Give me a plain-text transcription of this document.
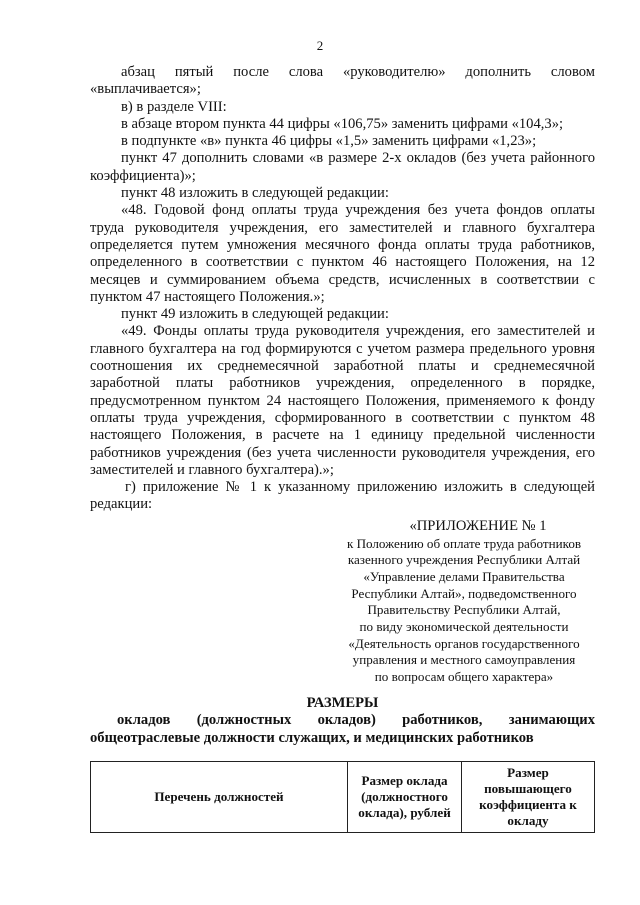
2

абзац пятый после слова «руководителю» дополнить словом «выплачивается»;

в) в разделе VIII:

в абзаце втором пункта 44 цифры «106,75» заменить цифрами «104,3»;

в подпункте «в» пункта 46 цифры «1,5» заменить цифрами «1,23»;

пункт 47 дополнить словами «в размере 2-х окладов (без учета районного коэффициента)»;

пункт 48 изложить в следующей редакции:

«48. Годовой фонд оплаты труда учреждения без учета фондов оплаты труда руководителя учреждения, его заместителей и главного бухгалтера определяется путем умножения месячного фонда оплаты труда работников, определенного в соответствии с пунктом 46 настоящего Положения, на 12 месяцев и суммированием объема средств, исчисленных в соответствии с пунктом 47 настоящего Положения.»;

пункт 49 изложить в следующей редакции:

«49. Фонды оплаты труда руководителя учреждения, его заместителей и главного бухгалтера на год формируются с учетом размера предельного уровня соотношения их среднемесячной заработной платы и среднемесячной заработной платы работников учреждения, определенного в порядке, предусмотренном пунктом 24 настоящего Положения, применяемого к фонду оплаты труда учреждения, сформированного в соответствии с пунктом 48 настоящего Положения, в расчете на 1 единицу предельной численности работников учреждения (без учета численности руководителя учреждения, его заместителей и главного бухгалтера).»;

г) приложение № 1 к указанному приложению изложить в следующей редакции:

«ПРИЛОЖЕНИЕ № 1
к Положению об оплате труда работников
казенного учреждения Республики Алтай
«Управление делами Правительства
Республики Алтай», подведомственного
Правительству Республики Алтай,
по виду экономической деятельности
«Деятельность органов государственного
управления и местного самоуправления
по вопросам общего характера»
РАЗМЕРЫ
окладов (должностных окладов) работников, занимающих
общеотраслевые должности служащих, и медицинских работников
Перечень должностей	Размер оклада (должностного оклада), рублей	Размер повышающего коэффициента к окладу
